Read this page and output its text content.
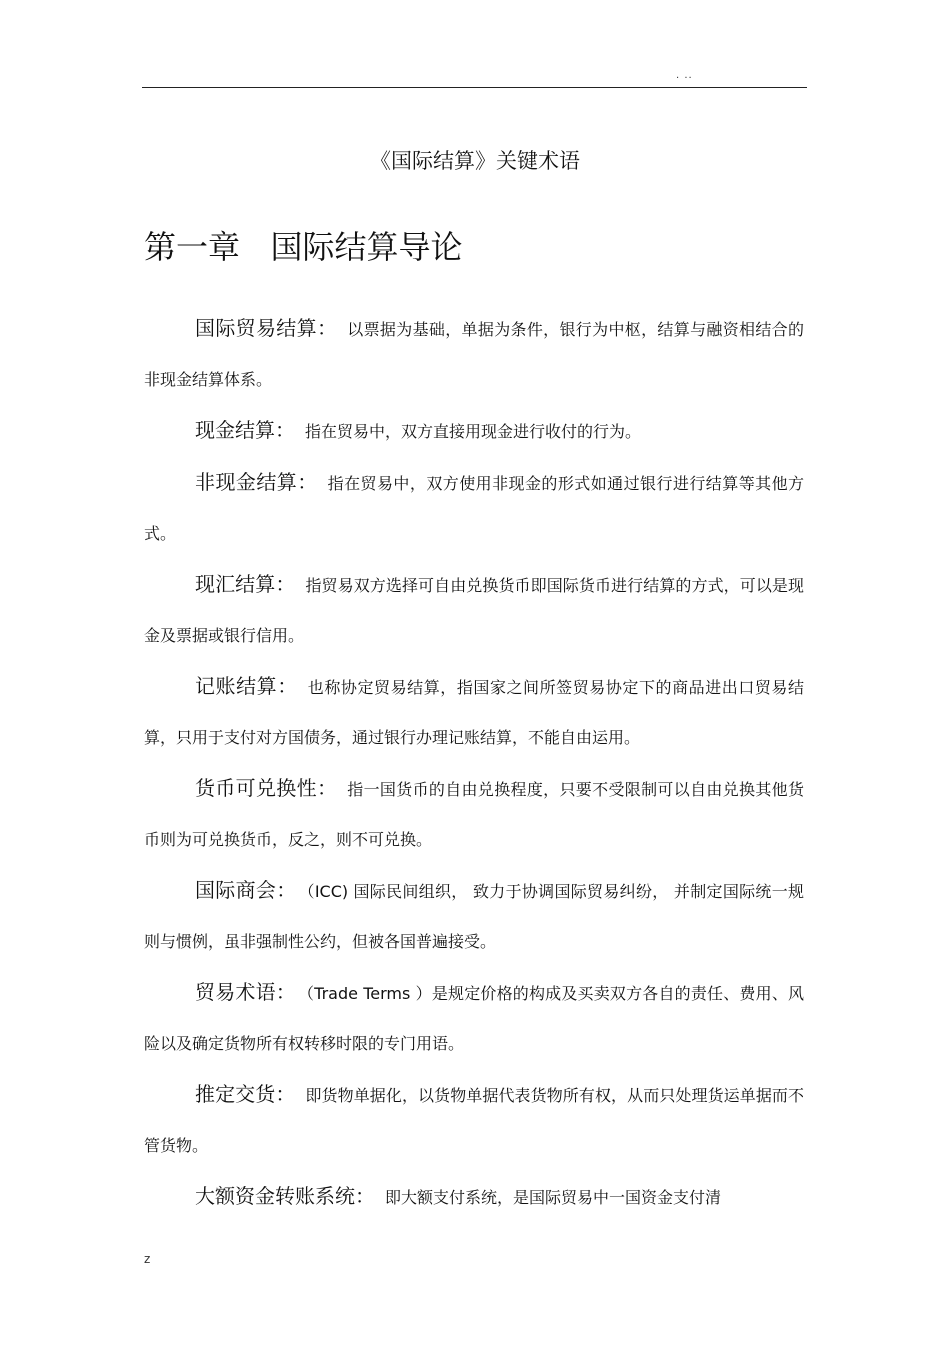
. ..
《国际结算》关键术语
第一章   国际结算导论

国际贸易结算： 以票据为基础，单据为条件，银行为中枢，结算与融资相结合的非现金结算体系。

现金结算： 指在贸易中，双方直接用现金进行收付的行为。

非现金结算： 指在贸易中，双方使用非现金的形式如通过银行进行结算等其他方式。

现汇结算： 指贸易双方选择可自由兑换货币即国际货币进行结算的方式，可以是现金及票据或银行信用。

记账结算： 也称协定贸易结算，指国家之间所签贸易协定下的商品进出口贸易结算，只用于支付对方国债务，通过银行办理记账结算，不能自由运用。

货币可兑换性： 指一国货币的自由兑换程度，只要不受限制可以自由兑换其他货币则为可兑换货币，反之，则不可兑换。

国际商会： （ICC) 国际民间组织， 致力于协调国际贸易纠纷， 并制定国际统一规则与惯例，虽非强制性公约，但被各国普遍接受。

贸易术语： （Trade Terms ）是规定价格的构成及买卖双方各自的责任、费用、风险以及确定货物所有权转移时限的专门用语。

推定交货： 即货物单据化，以货物单据代表货物所有权，从而只处理货运单据而不管货物。

大额资金转账系统： 即大额支付系统，是国际贸易中一国资金支付清

z
